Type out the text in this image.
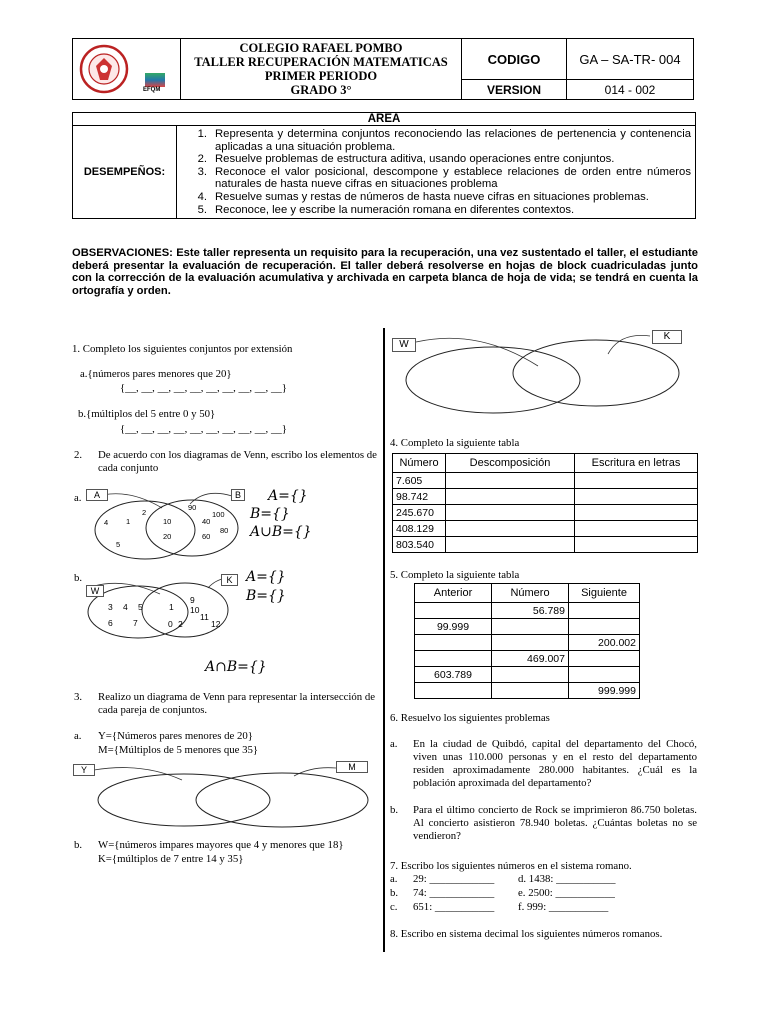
EFQM	COLEGIO RAFAEL POMBO
TALLER RECUPERACIÓN MATEMATICAS
PRIMER PERIODO
GRADO 3°	CODIGO	GA – SA-TR- 004
		VERSION	014 - 002
AREA
DESEMPEÑOS:	
1. Representa y determina conjuntos reconociendo las relaciones de pertenencia y contenencia aplicadas a una situación problema.
2. Resuelve problemas de estructura aditiva, usando operaciones entre conjuntos.
3. Reconoce el valor posicional, descompone y establece relaciones de orden entre números naturales de hasta nueve cifras en situaciones problema
4. Resuelve sumas y restas de números de hasta nueve cifras en situaciones problemas.
5. Reconoce, lee y escribe la numeración romana en diferentes contextos.
OBSERVACIONES: Este taller representa un requisito para la recuperación, una vez sustentado el taller, el estudiante deberá presentar la evaluación de recuperación. El taller deberá resolverse en hojas de block cuadriculadas junto con la corrección de la evaluación acumulativa y archivada en carpeta blanca de hoja de vida; se tendrá en cuenta la ortografía y orden.
1. Completo los siguientes conjuntos por extensión
a.{números pares menores que 20}
{__, __, __, __, __, __, __, __, __, __}
b.{múltiplos del 5 entre 0 y 50}
{__, __, __, __, __, __, __, __, __, __}
2. De acuerdo con los diagramas de Venn, escribo los elementos de cada conjunto
a.	A	B
2
1
4
5
10
20
90
100
40
60
80
A={}
B={}
A∪B={}
b.
W
K
3 4 5
6 7
1
0 2
9
10
11
12
A={}
B={}
A∩B={}
3. Realizo un diagrama de Venn para representar la intersección de cada pareja de conjuntos.
a. Y={Números pares menores de 20}
M={Múltiplos de 5 menores que 35}
Y	M
b. W={números impares mayores que 4 y menores que 18}
K={múltiplos de 7 entre 14 y 35}
W
K
4. Completo la siguiente tabla
Número	Descomposición	Escritura en letras
7.605		
98.742		
245.670		
408.129		
803.540		
5. Completo la siguiente tabla
Anterior	Número	Siguiente
	56.789	
99.999		
		200.002
	469.007	
603.789		
		999.999
6. Resuelvo los siguientes problemas
a. En la ciudad de Quibdó, capital del departamento del Chocó, viven unas 110.000 personas y en el resto del departamento residen aproximadamente 280.000 habitantes. ¿Cuál es la población aproximada del departamento?
b. Para el último concierto de Rock se imprimieron 86.750 boletas. Al concierto asistieron 78.940 boletas. ¿Cuántas boletas no se vendieron?
7. Escribo los siguientes números en el sistema romano.
a. 29: ____________ d. 1438: ___________
b. 74: ____________ e. 2500: ___________
c. 651: ___________ f. 999: ___________
8. Escribo en sistema decimal los siguientes números romanos.
